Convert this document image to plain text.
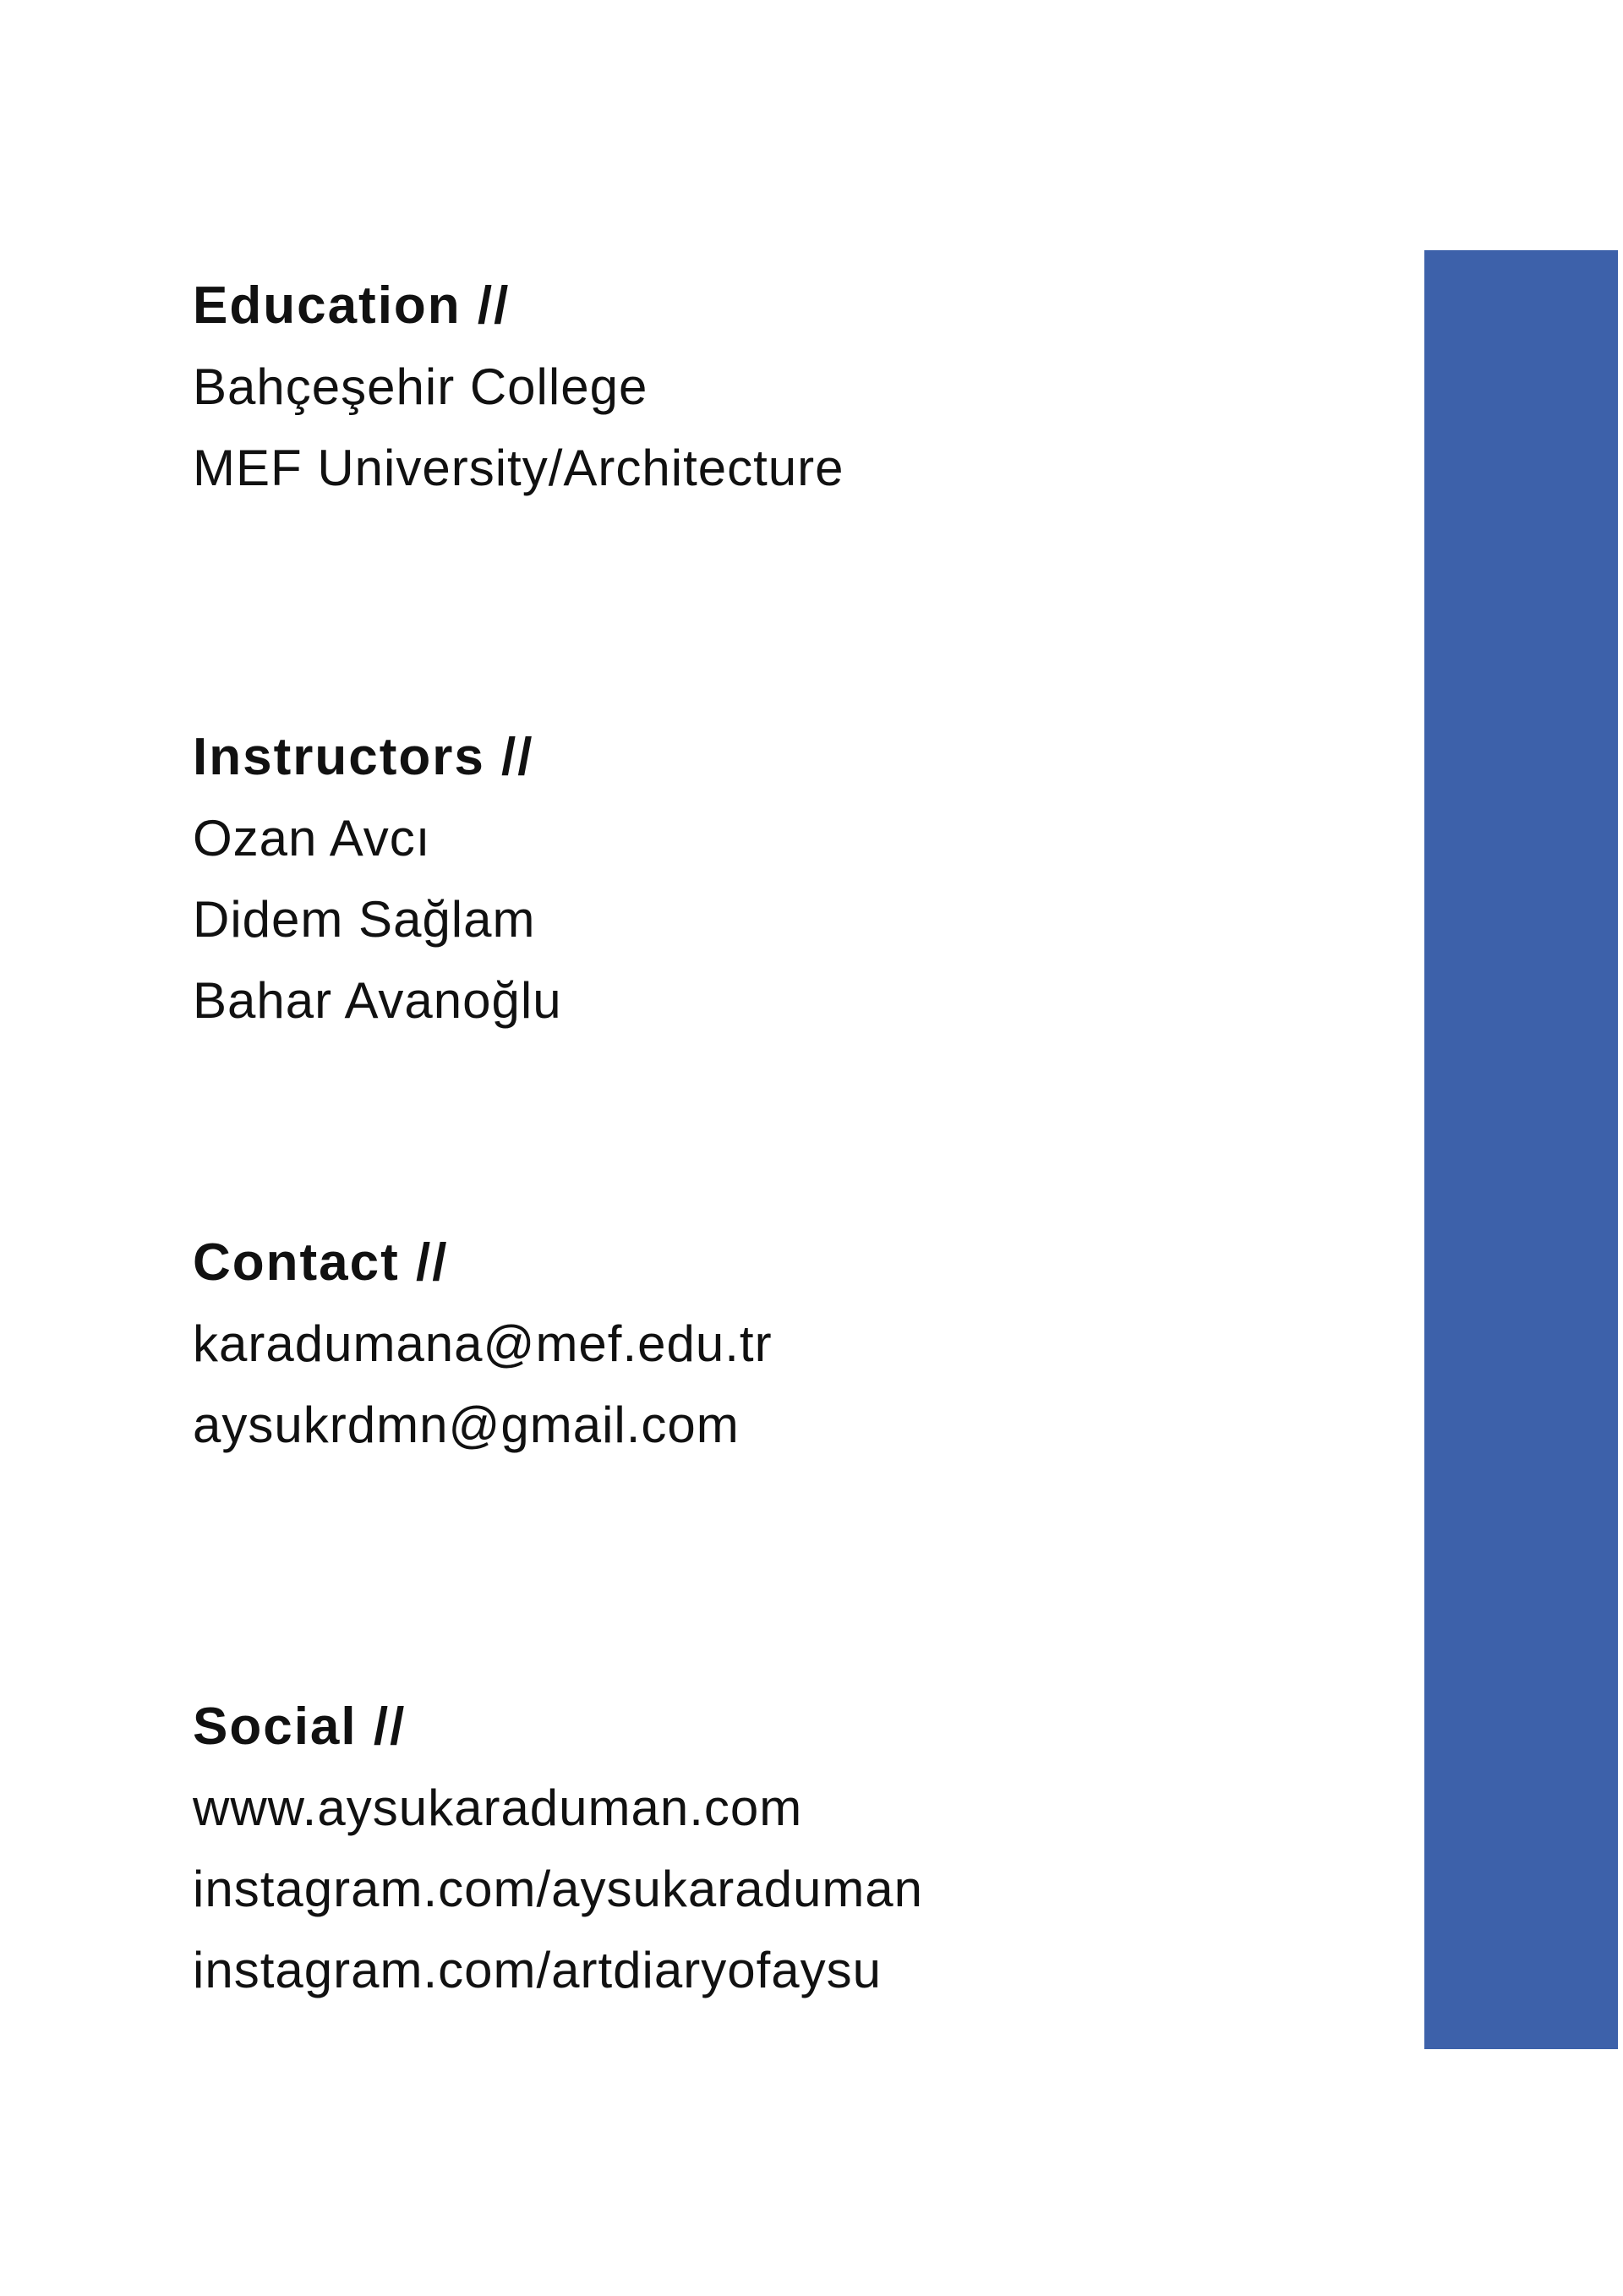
Education //

Bahçeşehir College

MEF University/Architecture

Instructors //

Ozan Avcı

Didem Sağlam

Bahar Avanoğlu

Contact //

karadumana@mef.edu.tr

aysukrdmn@gmail.com

Social //

www.aysukaraduman.com

instagram.com/aysukaraduman

instagram.com/artdiaryofaysu
